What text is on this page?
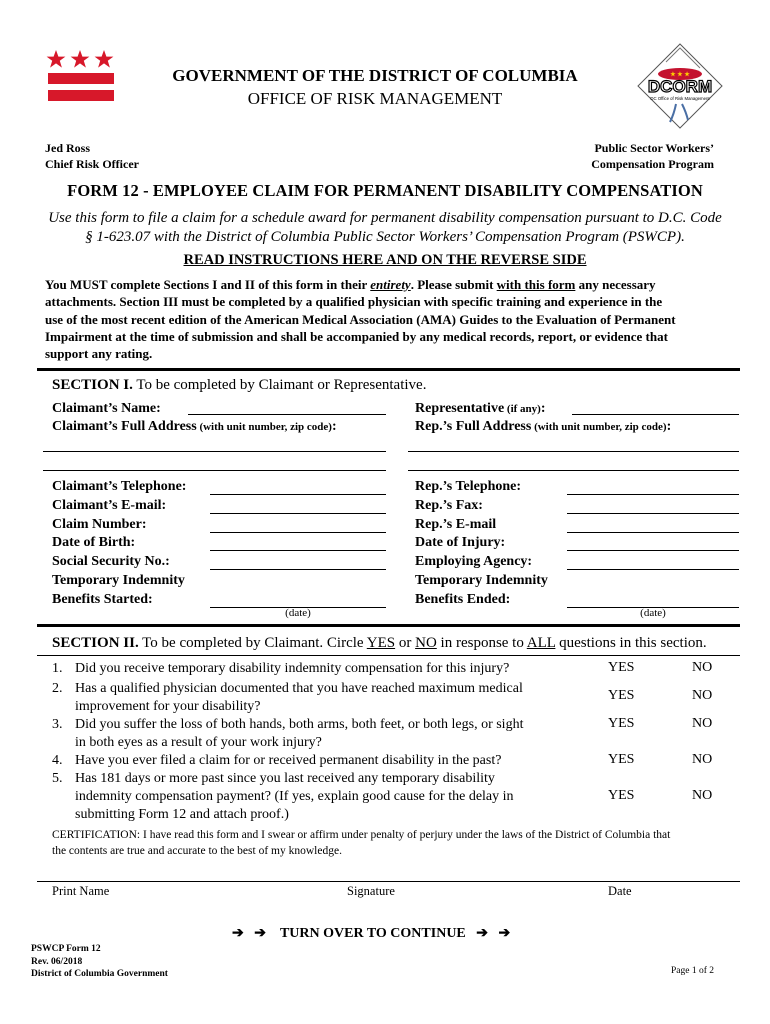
GOVERNMENT OF THE DISTRICT OF COLUMBIA
OFFICE OF RISK MANAGEMENT
★ ★ ★
DCORM
DC Office of Risk Management
Jed Ross
Chief Risk Officer
Public Sector Workers’
Compensation Program
FORM 12 - EMPLOYEE CLAIM FOR PERMANENT DISABILITY COMPENSATION
Use this form to file a claim for a schedule award for permanent disability compensation pursuant to D.C. Code
§ 1-623.07 with the District of Columbia Public Sector Workers’ Compensation Program (PSWCP).
READ INSTRUCTIONS HERE AND ON THE REVERSE SIDE
You MUST complete Sections I and II of this form in their entirety. Please submit with this form any necessary
attachments. Section III must be completed by a qualified physician with specific training and experience in the
use of the most recent edition of the American Medical Association (AMA) Guides to the Evaluation of Permanent
Impairment at the time of submission and shall be accompanied by any medical records, report, or evidence that
support any rating.
SECTION I. To be completed by Claimant or Representative.
Claimant’s Name:
Claimant’s Full Address (with unit number, zip code):
Representative (if any):
Rep.’s Full Address (with unit number, zip code):
Claimant’s Telephone:
Claimant’s E-mail:
Claim Number:
Date of Birth:
Social Security No.:
Temporary Indemnity
Benefits Started:
Rep.’s Telephone:
Rep.’s Fax:
Rep.’s E-mail
Date of Injury:
Employing Agency:
Temporary Indemnity
Benefits Ended:
(date)	(date)
SECTION II. To be completed by Claimant. Circle YES or NO in response to ALL questions in this section.
1. Did you receive temporary disability indemnity compensation for this injury?	YES	NO
2. Has a qualified physician documented that you have reached maximum medical
improvement for your disability?
YES	NO
3. Did you suffer the loss of both hands, both arms, both feet, or both legs, or sight
in both eyes as a result of your work injury?
YES	NO
4. Have you ever filed a claim for or received permanent disability in the past?	YES	NO
5. Has 181 days or more past since you last received any temporary disability
indemnity compensation payment? (If yes, explain good cause for the delay in
submitting Form 12 and attach proof.)
YES	NO
CERTIFICATION: I have read this form and I swear or affirm under penalty of perjury under the laws of the District of Columbia that
the contents are true and accurate to the best of my knowledge.
Print Name	Signature	Date
➔ ➔ TURN OVER TO CONTINUE ➔ ➔
PSWCP Form 12
Rev. 06/2018
District of Columbia Government	Page 1 of 2
